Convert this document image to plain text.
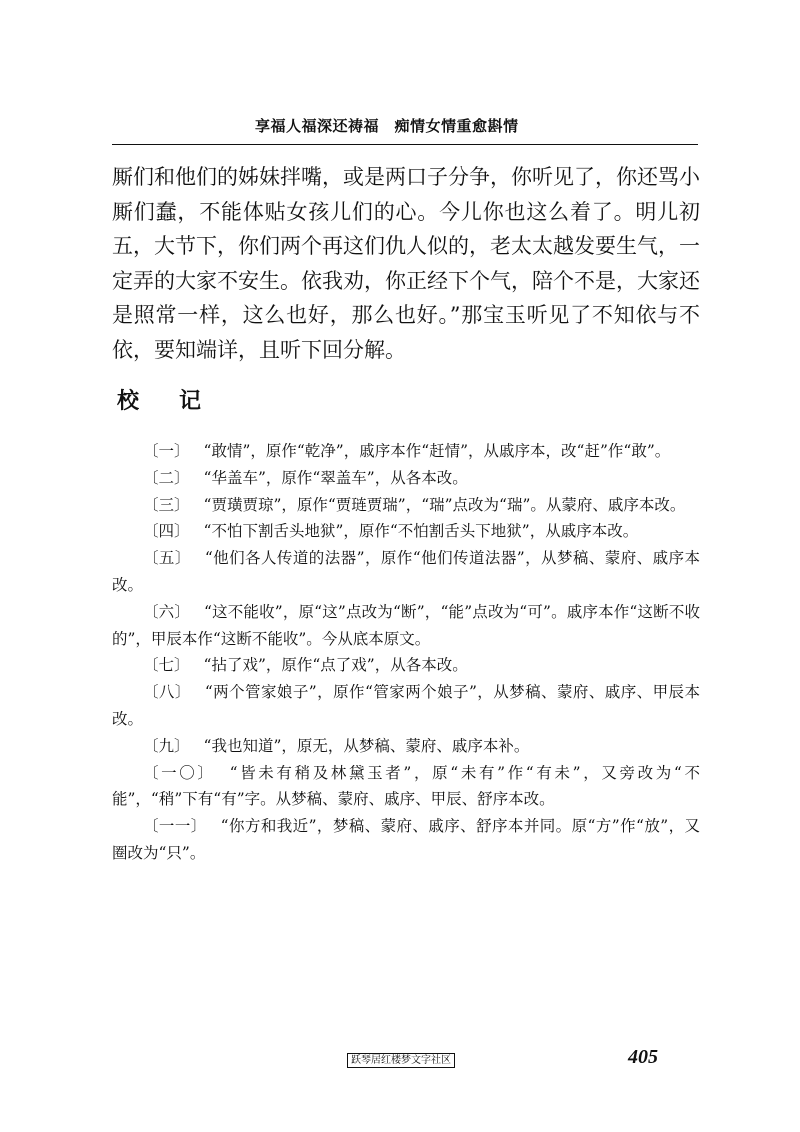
享福人福深还祷福　痴情女情重愈斟情

厮们和他们的姊妹拌嘴，或是两口子分争，你听见了，你还骂小厮们蠢，不能体贴女孩儿们的心。今儿你也这么着了。明儿初五，大节下，你们两个再这们仇人似的，老太太越发要生气，一定弄的大家不安生。依我劝，你正经下个气，陪个不是，大家还是照常一样，这么也好，那么也好。”那宝玉听见了不知依与不依，要知端详，且听下回分解。

校 记

〔一〕 “敢情”，原作“乾净”，戚序本作“赶情”，从戚序本，改“赶”作“敢”。

〔二〕 “华盖车”，原作“翠盖车”，从各本改。

〔三〕 “贾璜贾琼”，原作“贾琏贾瑞”，“瑞”点改为“瑞”。从蒙府、戚序本改。

〔四〕 “不怕下割舌头地狱”，原作“不怕割舌头下地狱”，从戚序本改。

〔五〕 “他们各人传道的法器”，原作“他们传道法器”，从梦稿、蒙府、戚序本改。

〔六〕 “这不能收”，原“这”点改为“断”，“能”点改为“可”。戚序本作“这断不收的”，甲辰本作“这断不能收”。今从底本原文。

〔七〕 “拈了戏”，原作“点了戏”，从各本改。

〔八〕 “两个管家娘子”，原作“管家两个娘子”，从梦稿、蒙府、戚序、甲辰本改。

〔九〕 “我也知道”，原无，从梦稿、蒙府、戚序本补。

〔一〇〕 “皆未有稍及林黛玉者”，原“未有”作“有未”，又旁改为“不能”，“稍”下有“有”字。从梦稿、蒙府、戚序、甲辰、舒序本改。

〔一一〕 “你方和我近”，梦稿、蒙府、戚序、舒序本并同。原“方”作“放”，又圈改为“只”。

跃琴居红楼梦文字社区	405
